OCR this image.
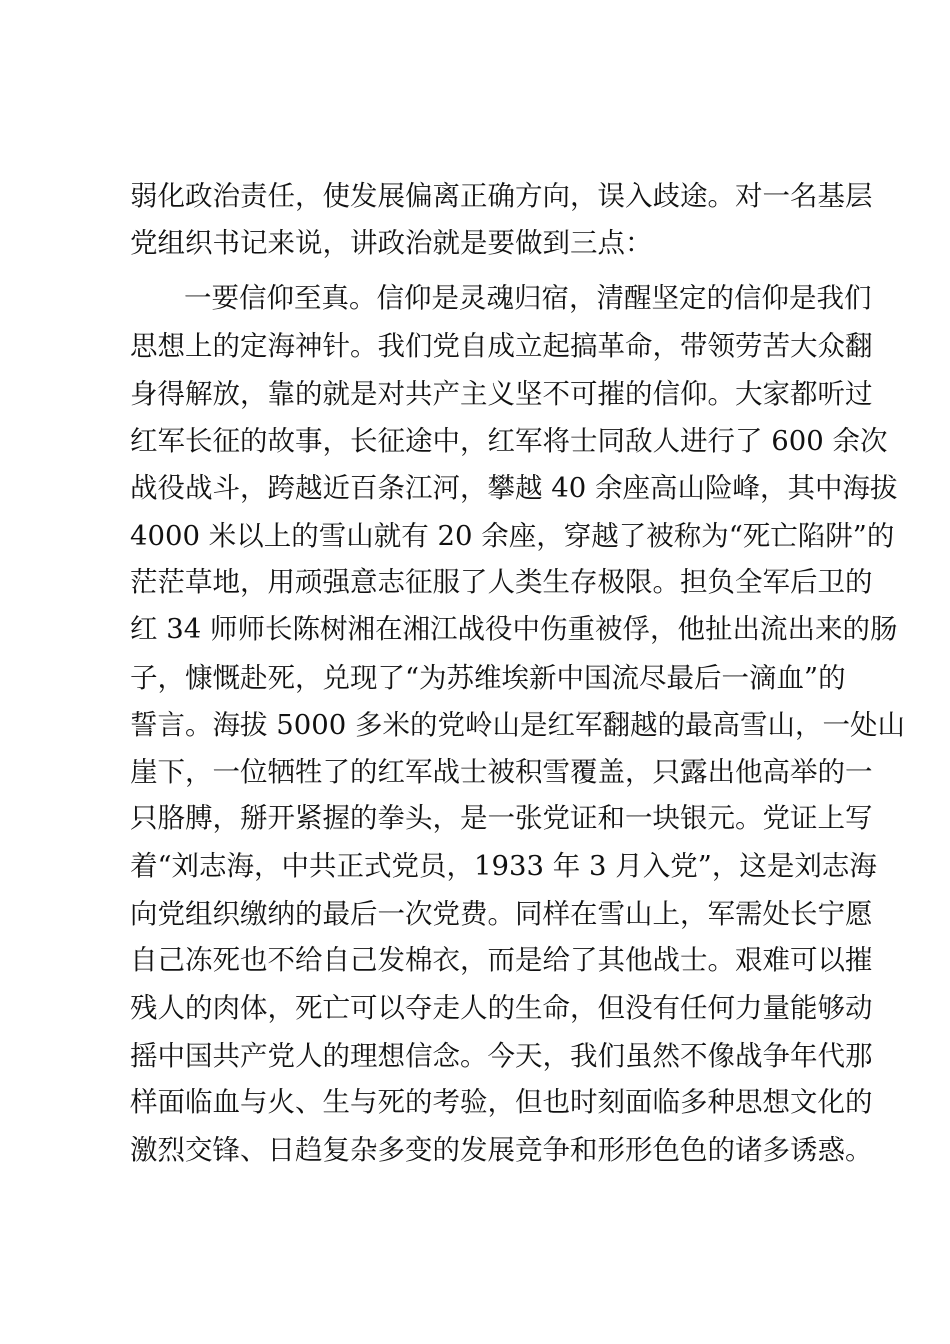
弱化政治责任，使发展偏离正确方向，误入歧途。对一名基层
党组织书记来说，讲政治就是要做到三点：
一要信仰至真。信仰是灵魂归宿，清醒坚定的信仰是我们
思想上的定海神针。我们党自成立起搞革命，带领劳苦大众翻
身得解放，靠的就是对共产主义坚不可摧的信仰。大家都听过
红军长征的故事，长征途中，红军将士同敌人进行了 600 余次
战役战斗，跨越近百条江河，攀越 40 余座高山险峰，其中海拔
4000 米以上的雪山就有 20 余座，穿越了被称为“死亡陷阱”的
茫茫草地，用顽强意志征服了人类生存极限。担负全军后卫的
红 34 师师长陈树湘在湘江战役中伤重被俘，他扯出流出来的肠
子，慷慨赴死，兑现了“为苏维埃新中国流尽最后一滴血”的
誓言。海拔 5000 多米的党岭山是红军翻越的最高雪山，一处山
崖下，一位牺牲了的红军战士被积雪覆盖，只露出他高举的一
只胳膊，掰开紧握的拳头，是一张党证和一块银元。党证上写
着“刘志海，中共正式党员，1933 年 3 月入党”，这是刘志海
向党组织缴纳的最后一次党费。同样在雪山上，军需处长宁愿
自己冻死也不给自己发棉衣，而是给了其他战士。艰难可以摧
残人的肉体，死亡可以夺走人的生命，但没有任何力量能够动
摇中国共产党人的理想信念。今天，我们虽然不像战争年代那
样面临血与火、生与死的考验，但也时刻面临多种思想文化的
激烈交锋、日趋复杂多变的发展竞争和形形色色的诸多诱惑。
